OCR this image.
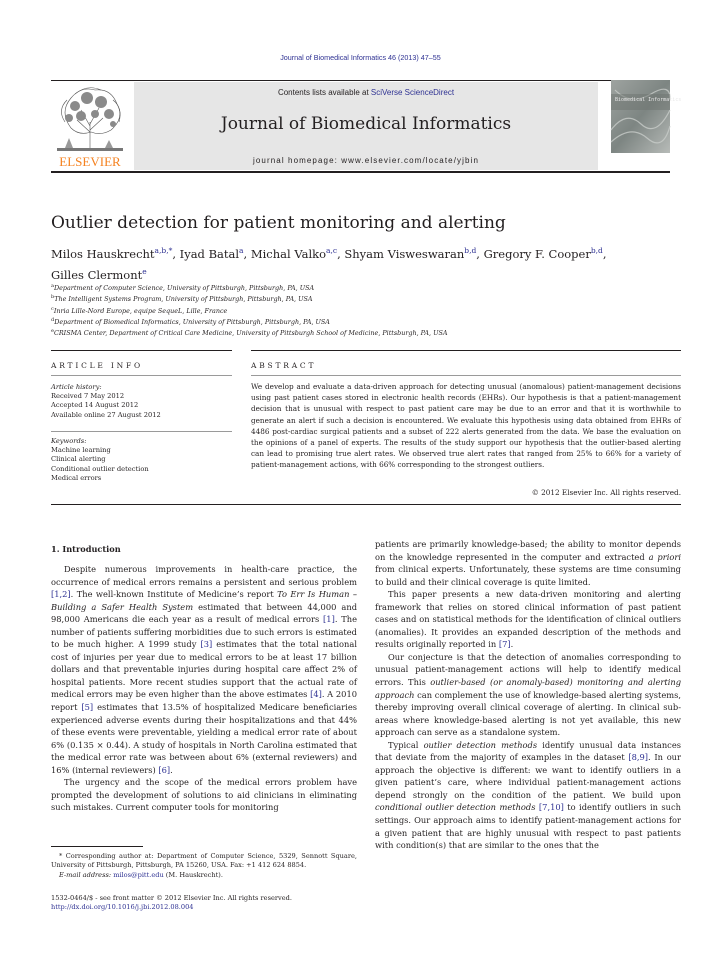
Journal of Biomedical Informatics 46 (2013) 47–55
ELSEVIER
Contents lists available at SciVerse ScienceDirect
Journal of Biomedical Informatics
journal homepage: www.elsevier.com/locate/yjbin
Biomedical Informatics
Outlier detection for patient monitoring and alerting
Milos Hauskrecht$^{a,b,*}$, Iyad Batal$^a$, Michal Valko$^{a,c}$, Shyam Visweswaran$^{b,d}$, Gregory F. Cooper$^{b,d}$,
Gilles Clermont$^e$
$^a$Department of Computer Science, University of Pittsburgh, Pittsburgh, PA, USA
$^b$The Intelligent Systems Program, University of Pittsburgh, Pittsburgh, PA, USA
$^c$Inria Lille-Nord Europe, equipe SequeL, Lille, France
$^d$Department of Biomedical Informatics, University of Pittsburgh, Pittsburgh, PA, USA
$^e$CRISMA Center, Department of Critical Care Medicine, University of Pittsburgh School of Medicine, Pittsburgh, PA, USA
ARTICLE INFO	ABSTRACT
Article history:
Received 7 May 2012
Accepted 14 August 2012
Available online 27 August 2012
Keywords:
Machine learning
Clinical alerting
Conditional outlier detection
Medical errors
We develop and evaluate a data-driven approach for detecting unusual (anomalous) patient-management decisions using past patient cases stored in electronic health records (EHRs). Our hypothesis is that a patient-management decision that is unusual with respect to past patient care may be due to an error and that it is worthwhile to generate an alert if such a decision is encountered. We evaluate this hypothesis using data obtained from EHRs of 4486 post-cardiac surgical patients and a subset of 222 alerts generated from the data. We base the evaluation on the opinions of a panel of experts. The results of the study support our hypothesis that the outlier-based alerting can lead to promising true alert rates. We observed true alert rates that ranged from 25% to 66% for a variety of patient-management actions, with 66% corresponding to the strongest outliers.
© 2012 Elsevier Inc. All rights reserved.
1. Introduction

Despite numerous improvements in health-care practice, the occurrence of medical errors remains a persistent and serious problem [1,2]. The well-known Institute of Medicine’s report To Err Is Human – Building a Safer Health System estimated that between 44,000 and 98,000 Americans die each year as a result of medical errors [1]. The number of patients suffering morbidities due to such errors is estimated to be much higher. A 1999 study [3] estimates that the total national cost of injuries per year due to medical errors to be at least 17 billion dollars and that preventable injuries during hospital care affect 2% of hospital patients. More recent studies support that the actual rate of medical errors may be even higher than the above estimates [4]. A 2010 report [5] estimates that 13.5% of hospitalized Medicare beneficiaries experienced adverse events during their hospitalizations and that 44% of these events were preventable, yielding a medical error rate of about 6% (0.135 × 0.44). A study of hospitals in North Carolina estimated that the medical error rate was between about 6% (external reviewers) and 16% (internal reviewers) [6].

The urgency and the scope of the medical errors problem have prompted the development of solutions to aid clinicians in eliminating such mistakes. Current computer tools for monitoring

patients are primarily knowledge-based; the ability to monitor depends on the knowledge represented in the computer and extracted a priori from clinical experts. Unfortunately, these systems are time consuming to build and their clinical coverage is quite limited.

This paper presents a new data-driven monitoring and alerting framework that relies on stored clinical information of past patient cases and on statistical methods for the identification of clinical outliers (anomalies). It provides an expanded description of the methods and results originally reported in [7].

Our conjecture is that the detection of anomalies corresponding to unusual patient-management actions will help to identify medical errors. This outlier-based (or anomaly-based) monitoring and alerting approach can complement the use of knowledge-based alerting systems, thereby improving overall clinical coverage of alerting. In clinical sub-areas where knowledge-based alerting is not yet available, this new approach can serve as a standalone system.

Typical outlier detection methods identify unusual data instances that deviate from the majority of examples in the dataset [8,9]. In our approach the objective is different: we want to identify outliers in a given patient’s care, where individual patient-management actions depend strongly on the condition of the patient. We build upon conditional outlier detection methods [7,10] to identify outliers in such settings. Our approach aims to identify patient-management actions for a given patient that are highly unusual with respect to past patients with condition(s) that are similar to the ones that the

* Corresponding author at: Department of Computer Science, 5329, Sennott Square, University of Pittsburgh, Pittsburgh, PA 15260, USA. Fax: +1 412 624 8854.
E-mail address: milos@pitt.edu (M. Hauskrecht).
1532-0464/$ - see front matter © 2012 Elsevier Inc. All rights reserved.
http://dx.doi.org/10.1016/j.jbi.2012.08.004
